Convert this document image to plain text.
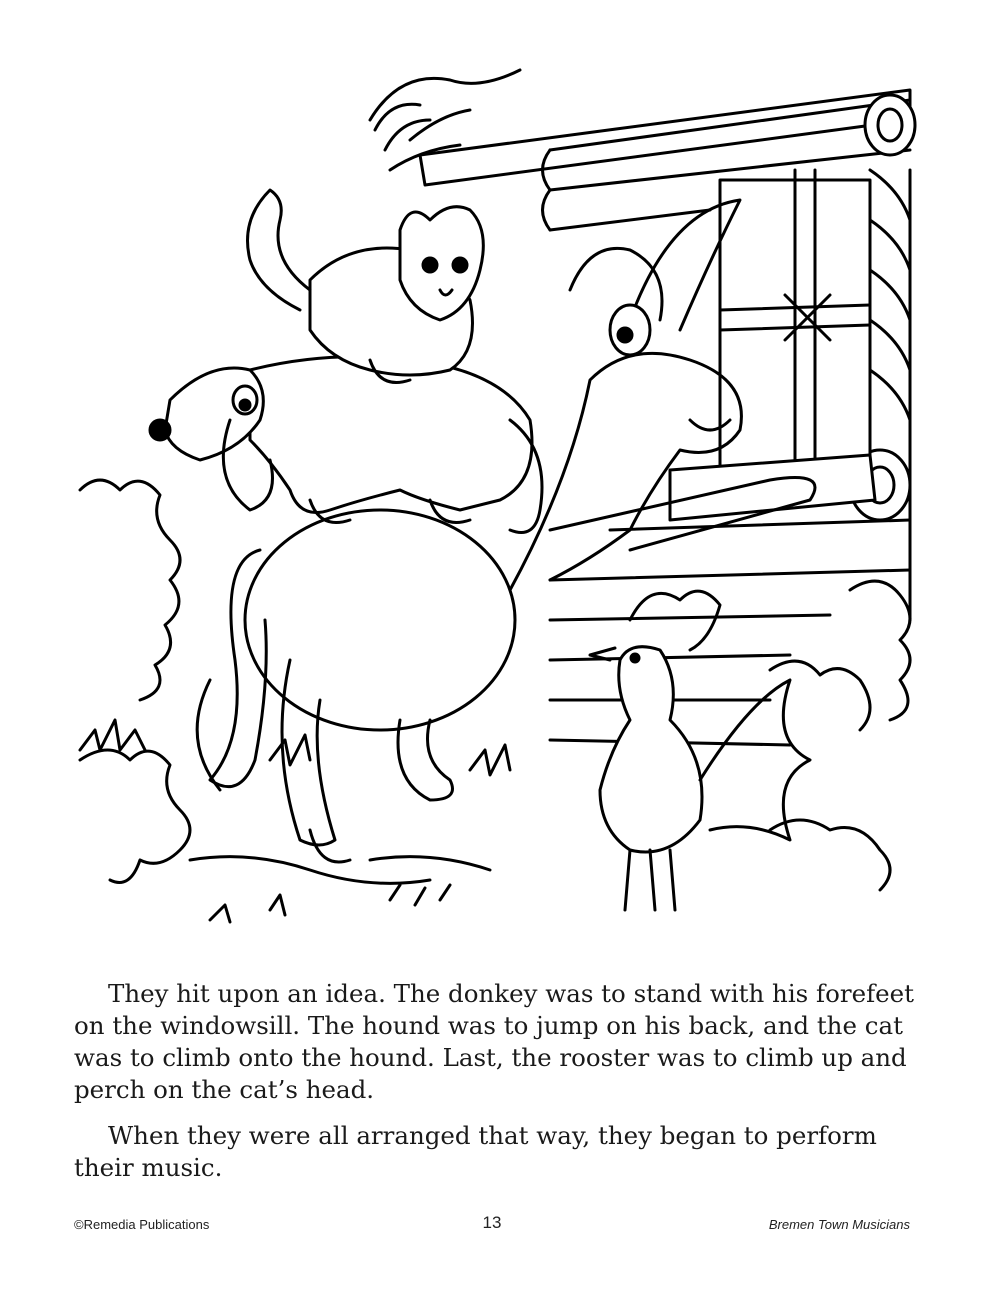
They hit upon an idea. The donkey was to stand with his forefeet on the windowsill. The hound was to jump on his back, and the cat was to climb onto the hound. Last, the rooster was to climb up and perch on the cat’s head.

When they were all arranged that way, they began to perform their music.

©Remedia Publications	13	Bremen Town Musicians
